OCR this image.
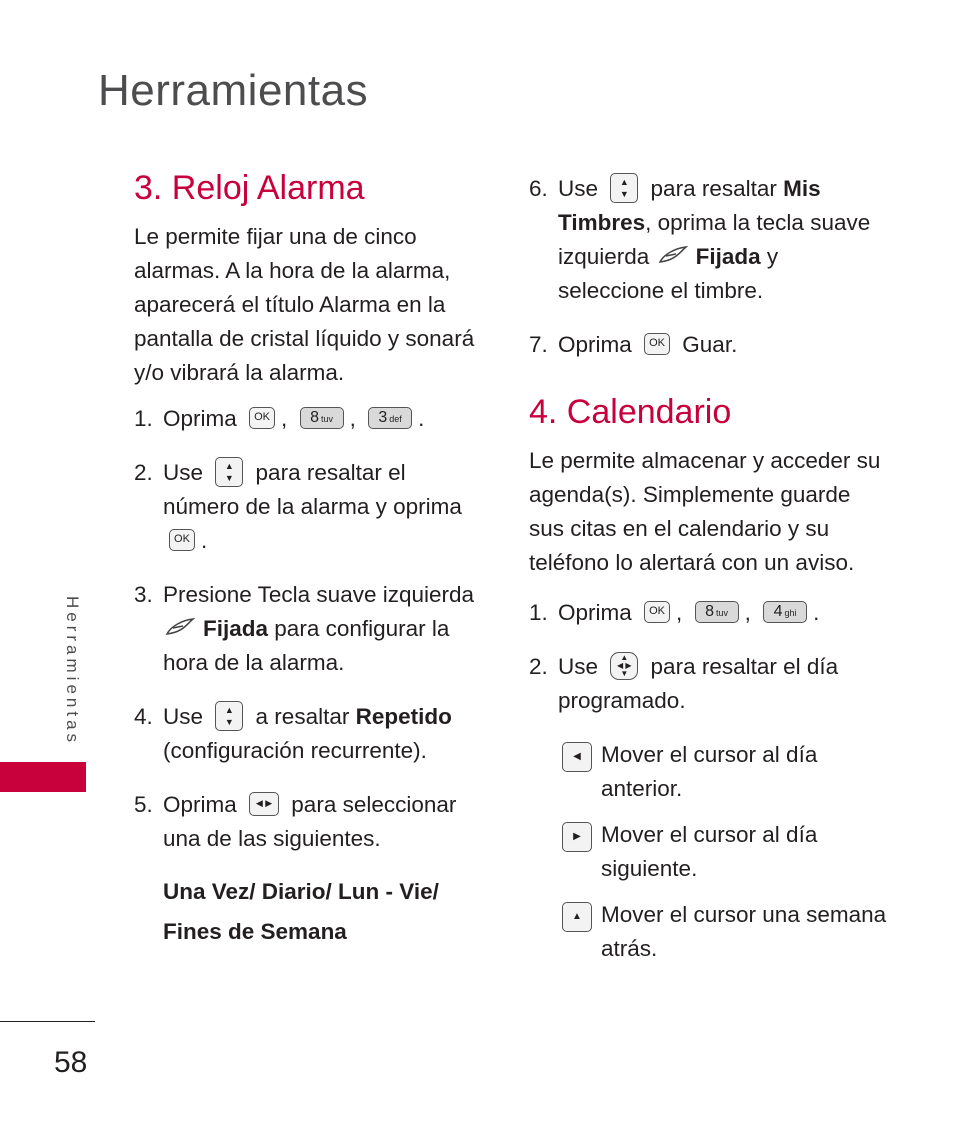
Herramientas
Herramientas
58
3. Reloj Alarma

Le permite fijar una de cinco alarmas. A la hora de la alarma, aparecerá el título Alarma en la pantalla de cristal líquido y sonará y/o vibrará la alarma.

1. Oprima OK , 8 tuv , 3 def .
2. Use ▲
▼ para resaltar el número de la alarma y oprima
OK .
3. Presione Tecla suave izquierda
Fijada para configurar la hora de la alarma.
4. Use ▲
▼ a resaltar Repetido (configuración recurrente).
5. Oprima ◀ ▶ para seleccionar una de las siguientes.
Una Vez/ Diario/ Lun - Vie/
Fines de Semana
6. Use ▲
▼ para resaltar Mis Timbres, oprima la tecla suave izquierda Fijada y seleccione el timbre.
7. Oprima OK Guar.
4. Calendario

Le permite almacenar y acceder su agenda(s). Simplemente guarde sus citas en el calendario y su teléfono lo alertará con un aviso.

1. Oprima OK , 8 tuv , 4 ghi .
2. Use	▲
◀ ▶
▼ para resaltar el día programado.
◀ Mover el cursor al día anterior.
▶ Mover el cursor al día siguiente.
▲ Mover el cursor una semana atrás.
